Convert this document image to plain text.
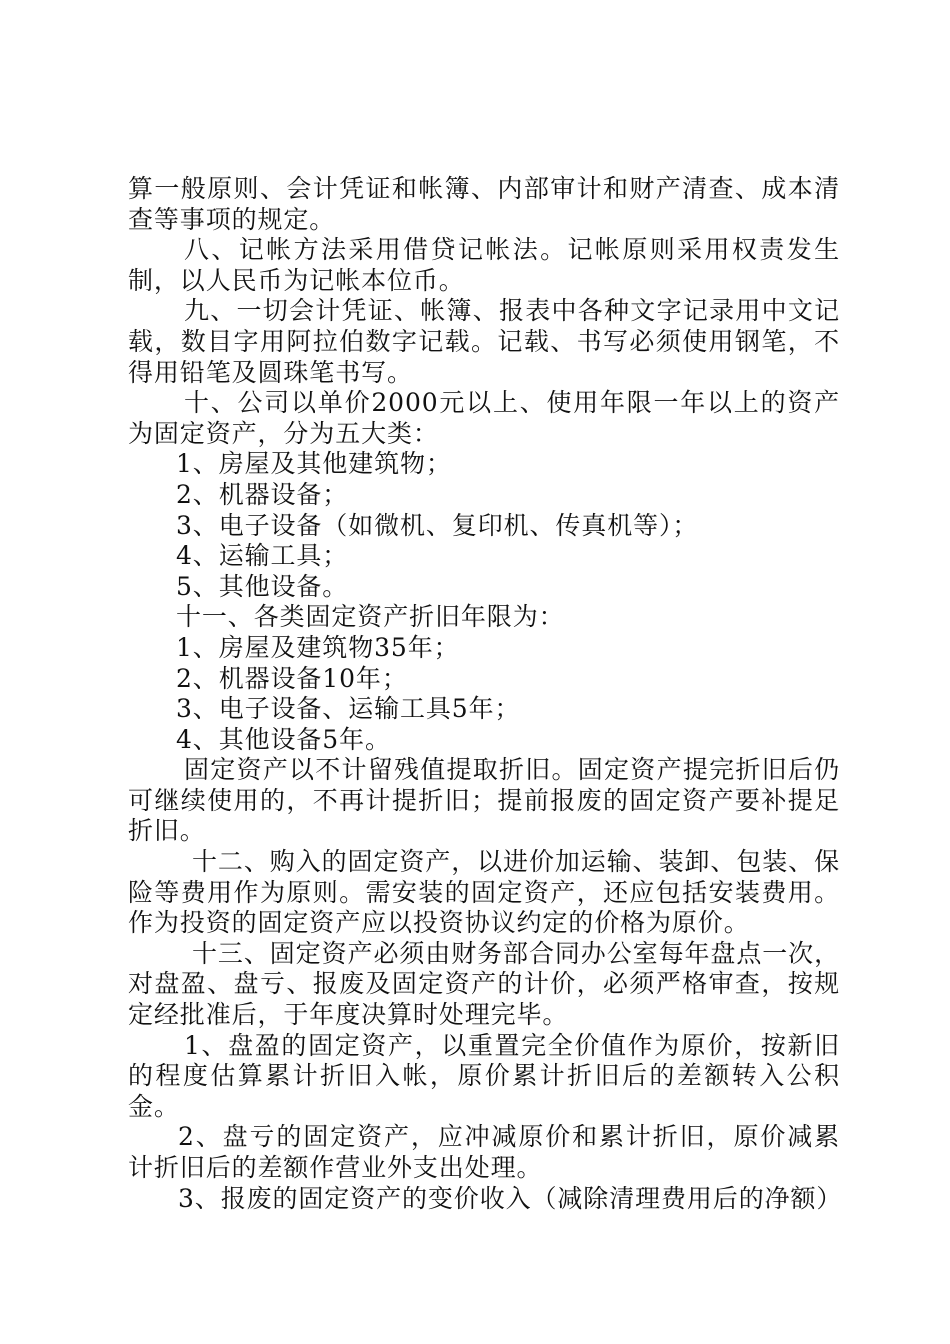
算一般原则、会计凭证和帐簿、内部审计和财产清查、成本清查等事项的规定。

八、记帐方法采用借贷记帐法。记帐原则采用权责发生制，以人民币为记帐本位币。

九、一切会计凭证、帐簿、报表中各种文字记录用中文记载，数目字用阿拉伯数字记载。记载、书写必须使用钢笔，不得用铅笔及圆珠笔书写。

十、公司以单价2000元以上、使用年限一年以上的资产为固定资产，分为五大类：

1、房屋及其他建筑物；

2、机器设备；

3、电子设备（如微机、复印机、传真机等）；

4、运输工具；

5、其他设备。

十一、各类固定资产折旧年限为：

1、房屋及建筑物35年；

2、机器设备10年；

3、电子设备、运输工具5年；

4、其他设备5年。

固定资产以不计留残值提取折旧。固定资产提完折旧后仍可继续使用的，不再计提折旧；提前报废的固定资产要补提足折旧。

十二、购入的固定资产，以进价加运输、装卸、包装、保险等费用作为原则。需安装的固定资产，还应包括安装费用。作为投资的固定资产应以投资协议约定的价格为原价。

十三、固定资产必须由财务部合同办公室每年盘点一次，对盘盈、盘亏、报废及固定资产的计价，必须严格审查，按规定经批准后，于年度决算时处理完毕。

1、盘盈的固定资产，以重置完全价值作为原价，按新旧的程度估算累计折旧入帐，原价累计折旧后的差额转入公积金。

2、盘亏的固定资产，应冲减原价和累计折旧，原价减累计折旧后的差额作营业外支出处理。

3、报废的固定资产的变价收入（减除清理费用后的净额）
